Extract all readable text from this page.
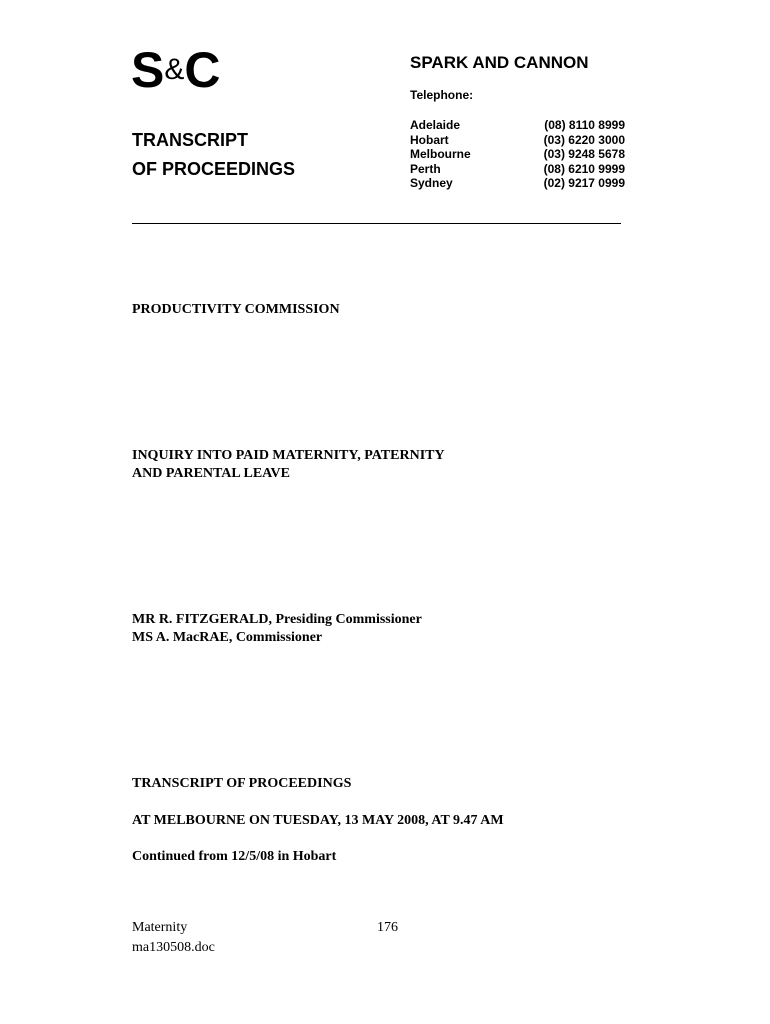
S&C	SPARK AND CANNON
Telephone:
Adelaide	(08) 8110 8999
Hobart	(03) 6220 3000
Melbourne	(03) 9248 5678
Perth	(08) 6210 9999
Sydney	(02) 9217 0999
TRANSCRIPT
OF PROCEEDINGS
PRODUCTIVITY COMMISSION
INQUIRY INTO PAID MATERNITY, PATERNITY
AND PARENTAL LEAVE
MR R. FITZGERALD, Presiding Commissioner
MS A. MacRAE, Commissioner
TRANSCRIPT OF PROCEEDINGS
AT MELBOURNE ON TUESDAY, 13 MAY 2008, AT 9.47 AM
Continued from 12/5/08 in Hobart
Maternity
ma130508.doc
176
